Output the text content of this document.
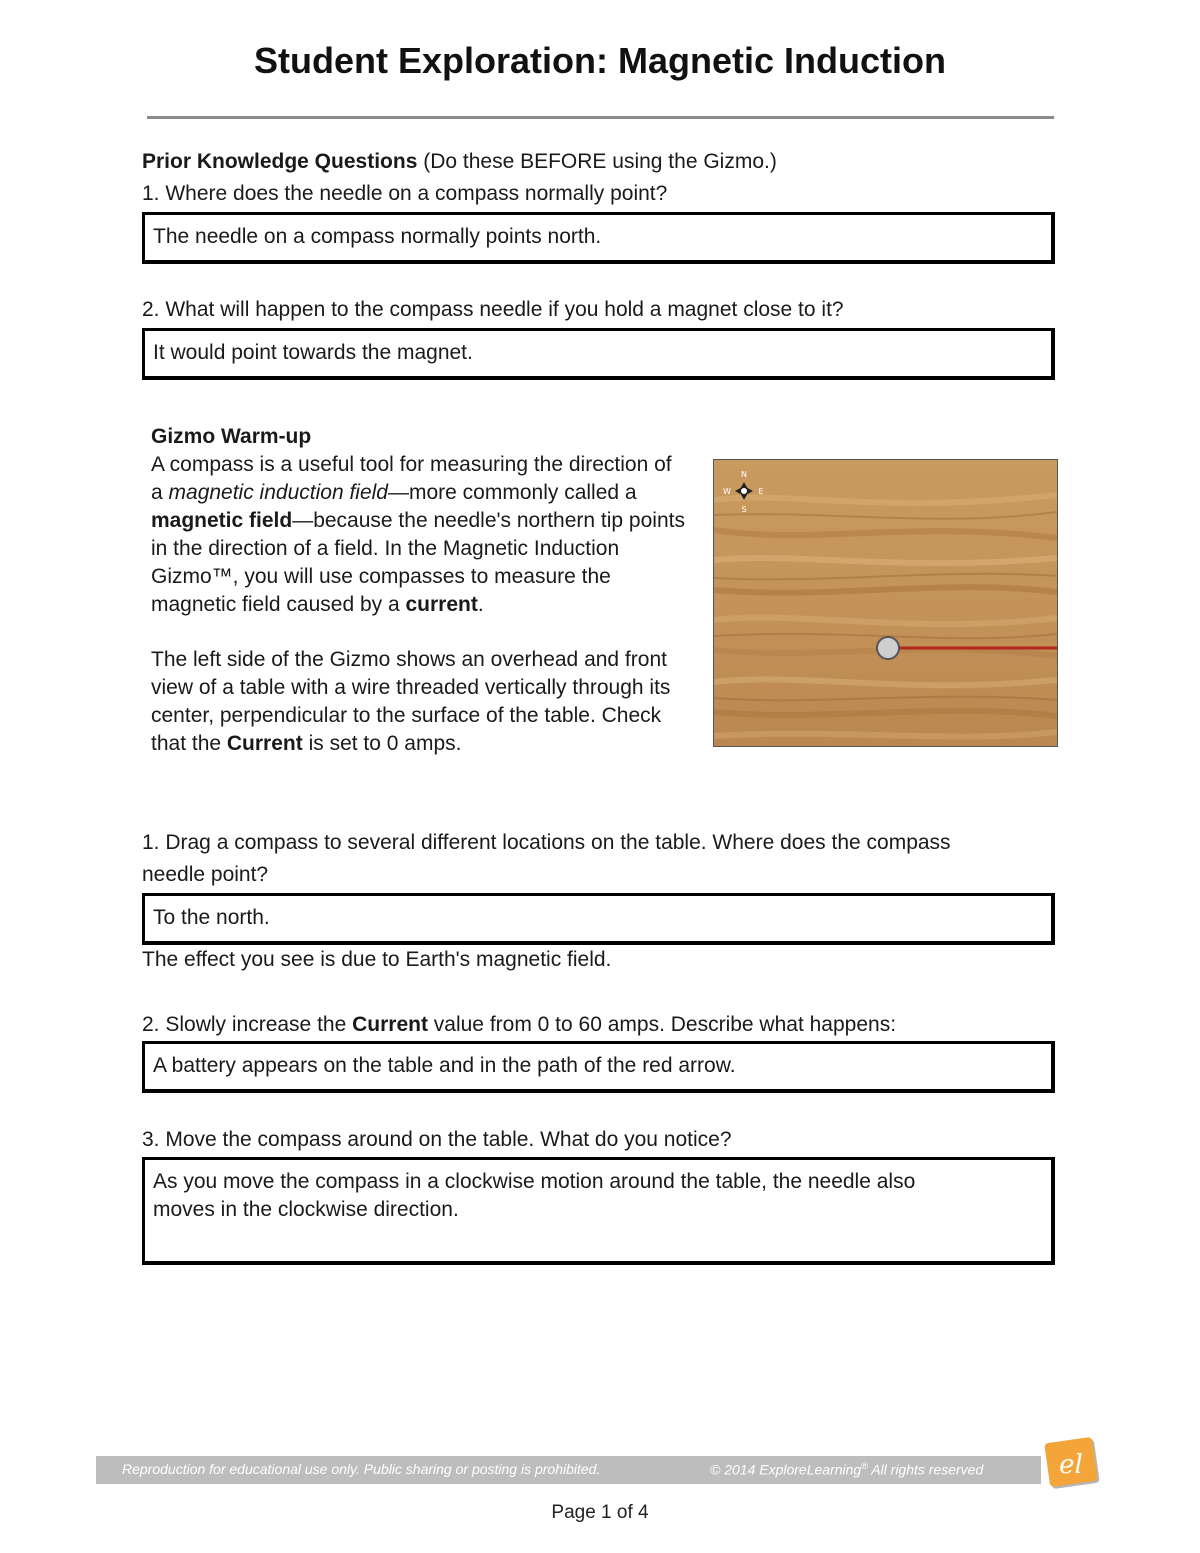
Student Exploration: Magnetic Induction
Prior Knowledge Questions (Do these BEFORE using the Gizmo.)
1. Where does the needle on a compass normally point?
The needle on a compass normally points north.
2. What will happen to the compass needle if you hold a magnet close to it?
It would point towards the magnet.

Gizmo Warm-up

A compass is a useful tool for measuring the direction of a magnetic induction field—more commonly called a magnetic field—because the needle's northern tip points in the direction of a field. In the Magnetic Induction Gizmo™, you will use compasses to measure the magnetic field caused by a current.

The left side of the Gizmo shows an overhead and front view of a table with a wire threaded vertically through its center, perpendicular to the surface of the table. Check that the Current is set to 0 amps.

N
S
E
W
1. Drag a compass to several different locations on the table. Where does the compass
needle point?
To the north.
The effect you see is due to Earth's magnetic field.
2. Slowly increase the Current value from 0 to 60 amps. Describe what happens:
A battery appears on the table and in the path of the red arrow.
3. Move the compass around on the table. What do you notice?
As you move the compass in a clockwise motion around the table, the needle also
moves in the clockwise direction.
Reproduction for educational use only. Public sharing or posting is prohibited.	© 2014 ExploreLearning® All rights reserved	el
Page 1 of 4
